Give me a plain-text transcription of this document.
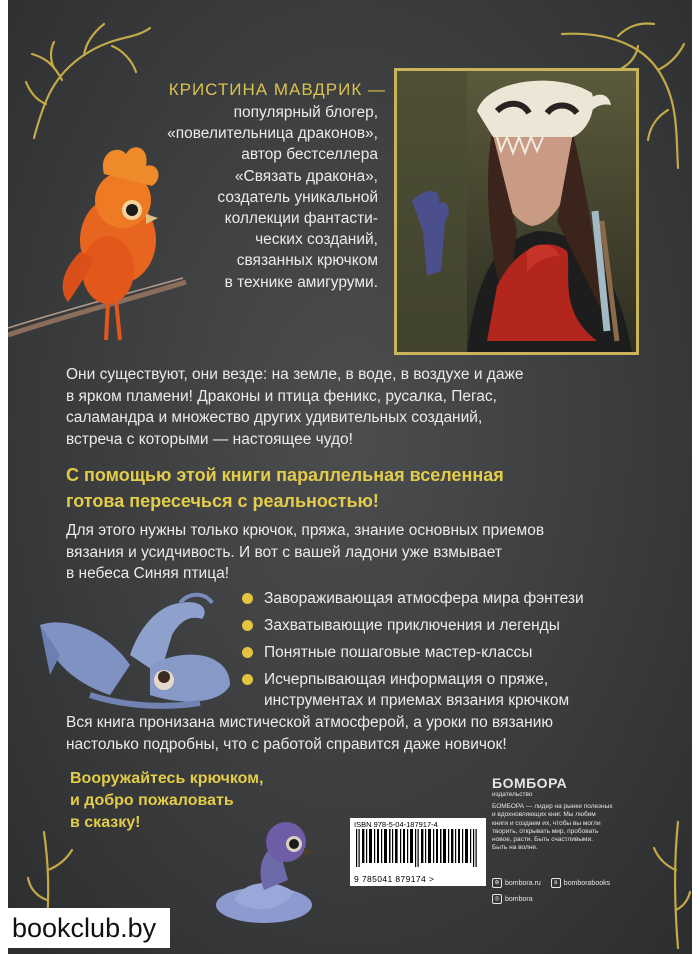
КРИСТИНА МАВДРИК —
популярный блогер,
«повелительница драконов»,
автор бестселлера
«Связать дракона»,
создатель уникальной
коллекции фантасти-
ческих созданий,
связанных крючком
в технике амигуруми.
Они существуют, они везде: на земле, в воде, в воздухе и даже
в ярком пламени! Драконы и птица феникс, русалка, Пегас,
саламандра и множество других удивительных созданий,
встреча с которыми — настоящее чудо!
С помощью этой книги параллельная вселенная
готова пересечься с реальностью!
Для этого нужны только крючок, пряжа, знание основных приемов
вязания и усидчивость. И вот с вашей ладони уже взмывает
в небеса Синяя птица!
Завораживающая атмосфера мира фэнтези
Захватывающие приключения и легенды
Понятные пошаговые мастер-классы
Исчерпывающая информация о пряже,
инструментах и приемах вязания крючком
Вся книга пронизана мистической атмосферой, а уроки по вязанию
настолько подробны, что с работой справится даже новичок!
Вооружайтесь крючком,
и добро пожаловать
в сказку!	ISBN 978-5-04-187917-4
9 785041 879174 >
БОМБОРА
издательство
БОМБОРА — лидер на рынке полезных
и вдохновляющих книг. Мы любим
книги и создаем их, чтобы вы могли
творить, открывать мир, пробовать
новое, расти. Быть счастливыми.
Быть на волне.
⊕ bombora.ru	в bomborabooks
◎ bombora
bookclub.by
